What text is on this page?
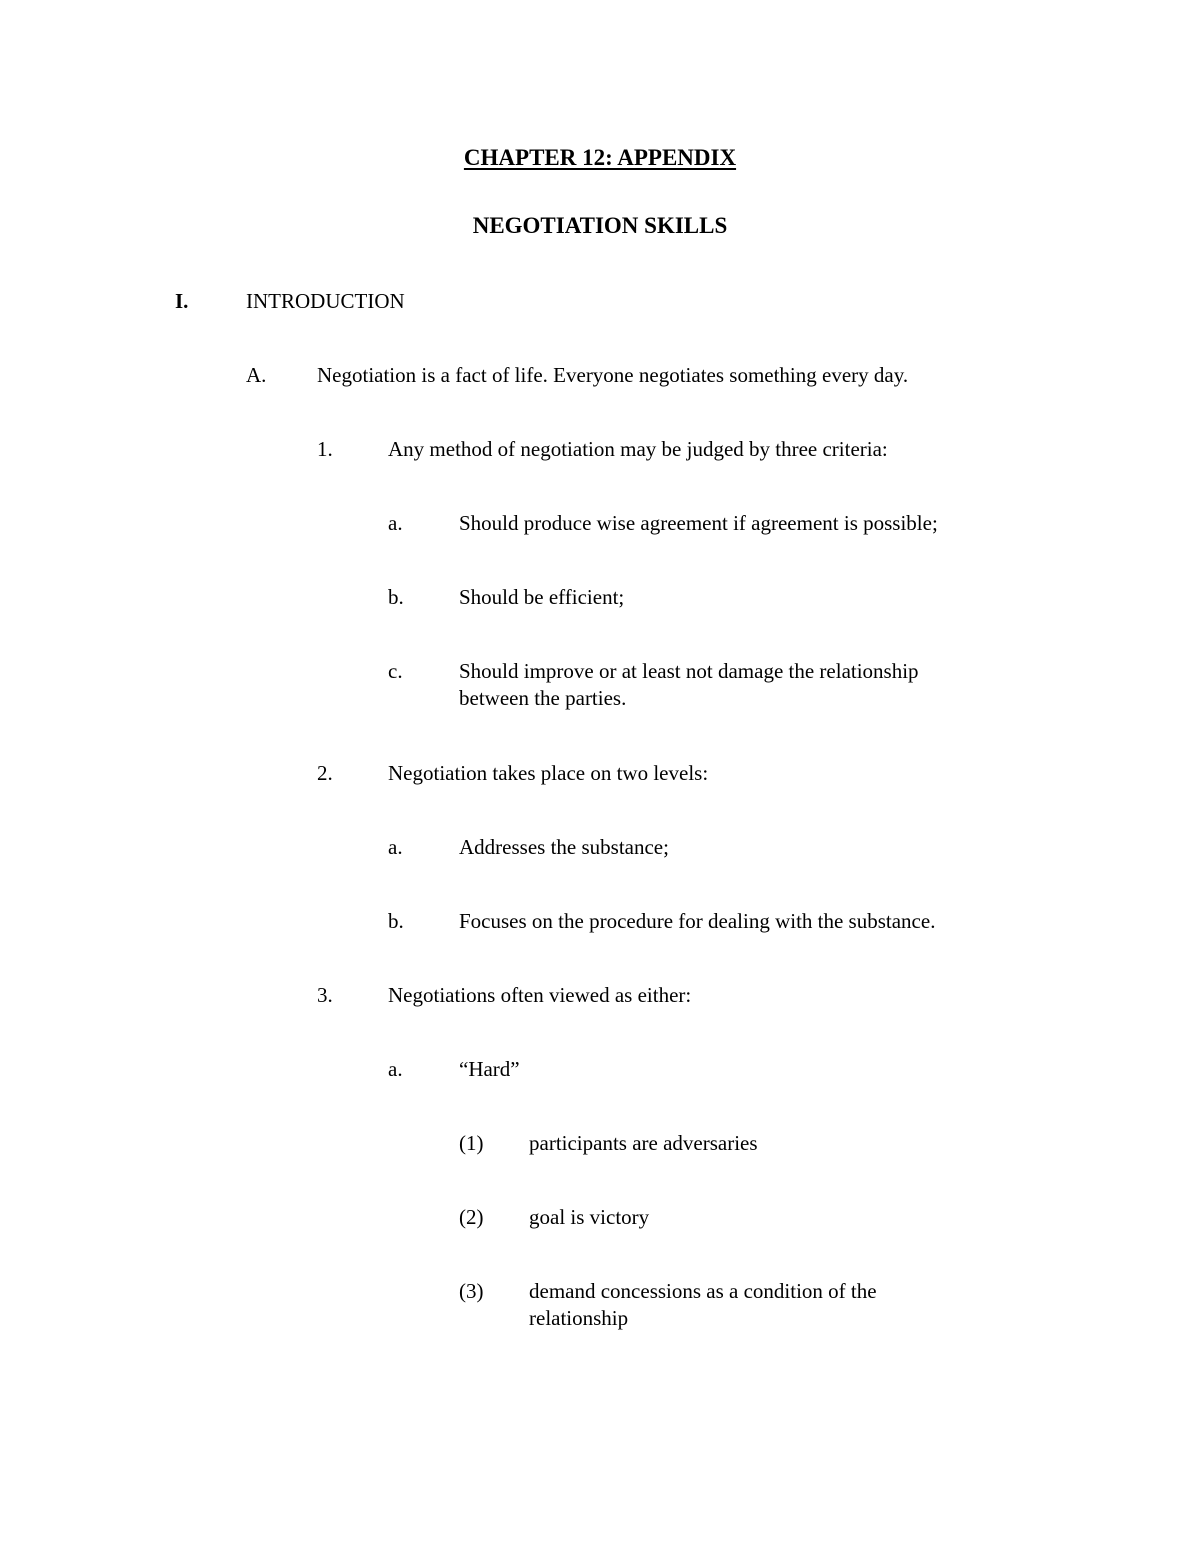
CHAPTER 12: APPENDIX
NEGOTIATION SKILLS
I.	INTRODUCTION
A. Negotiation is a fact of life. Everyone negotiates something every day.
1.	Any method of negotiation may be judged by three criteria:
a.	Should produce wise agreement if agreement is possible;
b.	Should be efficient;
c.	Should improve or at least not damage the relationship between the parties.
2.	Negotiation takes place on two levels:
a.	Addresses the substance;
b.	Focuses on the procedure for dealing with the substance.
3.	Negotiations often viewed as either:
a.	“Hard”
(1) participants are adversaries
(2) goal is victory
(3) demand concessions as a condition of the relationship
